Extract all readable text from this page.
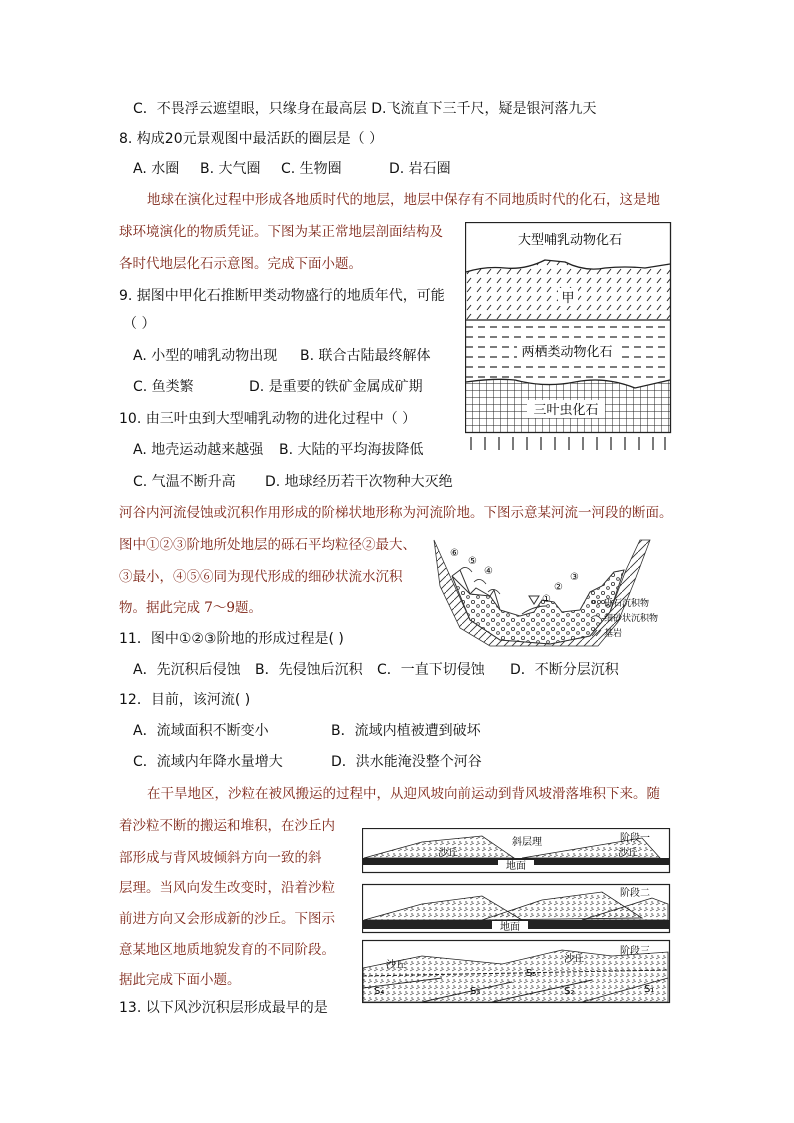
C．不畏浮云遮望眼，只缘身在最高层 D.飞流直下三千尺，疑是银河落九天
8. 构成20元景观图中最活跃的圈层是（ ）
A. 水圈 B. 大气圈 C. 生物圈	D. 岩石圈
地球在演化过程中形成各地质时代的地层，地层中保存有不同地质时代的化石，这是地
球环境演化的物质凭证。下图为某正常地层剖面结构及
各时代地层化石示意图。完成下面小题。
9. 据图中甲化石推断甲类动物盛行的地质年代，可能
（ ）
A. 小型的哺乳动物出现 B. 联合古陆最终解体
C. 鱼类繁	D. 是重要的铁矿金属成矿期
10. 由三叶虫到大型哺乳动物的进化过程中（ ）
A. 地壳运动越来越强 B. 大陆的平均海拔降低
C. 气温不断升高 D. 地球经历若干次物种大灭绝
河谷内河流侵蚀或沉积作用形成的阶梯状地形称为河流阶地。下图示意某河流一河段的断面。
图中①②③阶地所处地层的砾石平均粒径②最大、
③最小，④⑤⑥同为现代形成的细砂状流水沉积
物。据此完成 7～9题。
11．图中①②③阶地的形成过程是( )
A．先沉积后侵蚀 B．先侵蚀后沉积 C．一直下切侵蚀 D．不断分层沉积
12．目前，该河流( )
A．流域面积不断变小	B．流域内植被遭到破坏
C．流域内年降水量增大	D．洪水能淹没整个河谷
在干旱地区，沙粒在被风搬运的过程中，从迎风坡向前运动到背风坡滑落堆积下来。随
着沙粒不断的搬运和堆积，在沙丘内
部形成与背风坡倾斜方向一致的斜
层理。当风向发生改变时，沿着沙粒
前进方向又会形成新的沙丘。下图示
意某地区地质地貌发育的不同阶段。
据此完成下面小题。
13. 以下风沙沉积层形成最早的是
大型哺乳动物化石
甲
两栖类动物化石
三叶虫化石
⑥
⑤
④
③
②
①	砾石沉积物
细砂状沉积物
基岩
地面
阶段一
斜层理
沙丘	沙丘
地面
阶段二
阶段三
沙丘
沙丘
S₁
S₂
S₃
S₄
S₅
